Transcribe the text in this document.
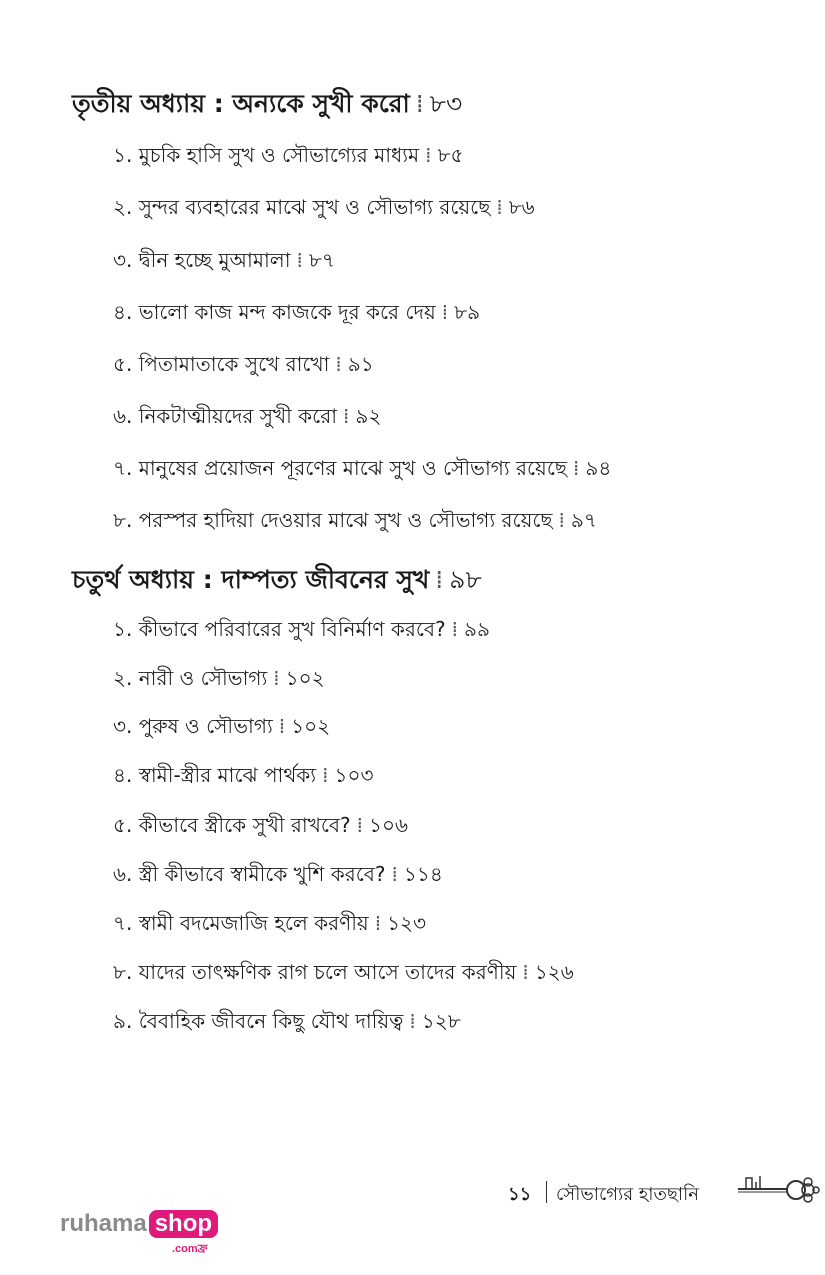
তৃতীয় অধ্যায় : অন্যকে সুখী করো ⁞ ৮৩
১. মুচকি হাসি সুখ ও সৌভাগ্যের মাধ্যম ⁞ ৮৫
২. সুন্দর ব্যবহারের মাঝে সুখ ও সৌভাগ্য রয়েছে ⁞ ৮৬
৩. দ্বীন হচ্ছে মুআমালা ⁞ ৮৭
৪. ভালো কাজ মন্দ কাজকে দূর করে দেয় ⁞ ৮৯
৫. পিতামাতাকে সুখে রাখো ⁞ ৯১
৬. নিকটাত্মীয়দের সুখী করো ⁞ ৯২
৭. মানুষের প্রয়োজন পূরণের মাঝে সুখ ও সৌভাগ্য রয়েছে ⁞ ৯৪
৮. পরস্পর হাদিয়া দেওয়ার মাঝে সুখ ও সৌভাগ্য রয়েছে ⁞ ৯৭
চতুর্থ অধ্যায় : দাম্পত্য জীবনের সুখ ⁞ ৯৮
১. কীভাবে পরিবারের সুখ বিনির্মাণ করবে? ⁞ ৯৯
২. নারী ও সৌভাগ্য ⁞ ১০২
৩. পুরুষ ও সৌভাগ্য ⁞ ১০২
৪. স্বামী-স্ত্রীর মাঝে পার্থক্য ⁞ ১০৩
৫. কীভাবে স্ত্রীকে সুখী রাখবে? ⁞ ১০৬
৬. স্ত্রী কীভাবে স্বামীকে খুশি করবে? ⁞ ১১৪
৭. স্বামী বদমেজাজি হলে করণীয় ⁞ ১২৩
৮. যাদের তাৎক্ষণিক রাগ চলে আসে তাদের করণীয় ⁞ ১২৬
৯. বৈবাহিক জীবনে কিছু যৌথ দায়িত্ব ⁞ ১২৮
১১ সৌভাগ্যের হাতছানি
ruhama shop
.comফ্র
